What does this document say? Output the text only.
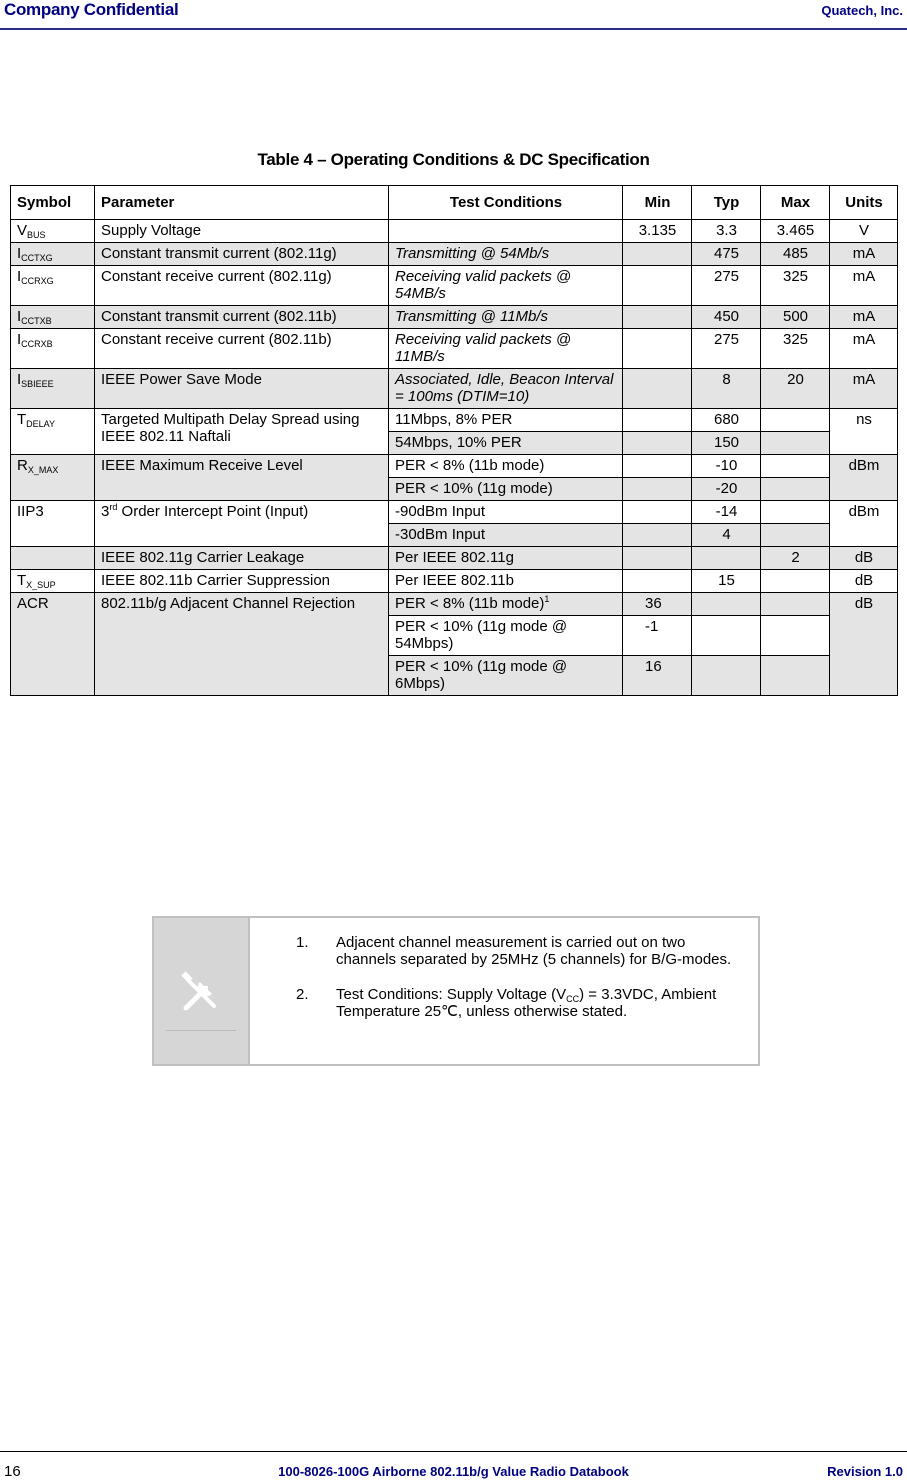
Company Confidential	Quatech, Inc.
Table 4 – Operating Conditions & DC Specification
Symbol	Parameter	Test Conditions	Min	Typ	Max	Units
$V_{BUS}$	Supply Voltage		3.135	3.3	3.465	V
$I_{CCTXG}$	Constant transmit current (802.11g)	Transmitting @ 54Mb/s		475	485	mA
$I_{CCRXG}$	Constant receive current (802.11g)	Receiving valid packets @ 54MB/s		275	325	mA
$I_{CCTXB}$	Constant transmit current (802.11b)	Transmitting @ 11Mb/s		450	500	mA
$I_{CCRXB}$	Constant receive current (802.11b)	Receiving valid packets @ 11MB/s		275	325	mA
$I_{SBIEEE}$	IEEE Power Save Mode	Associated, Idle, Beacon Interval = 100ms (DTIM=10)		8	20	mA
$T_{DELAY}$	Targeted Multipath Delay Spread using IEEE 802.11 Naftali	11Mbps, 8% PER		680		ns
		54Mbps, 10% PER		150		
$R_{X\_MAX}$	IEEE Maximum Receive Level	PER < 8% (11b mode)		-10		dBm
		PER < 10% (11g mode)		-20		
IIP3	3rd Order Intercept Point (Input)	-90dBm Input		-14		dBm
		-30dBm Input		4		
	IEEE 802.11g Carrier Leakage	Per IEEE 802.11g			2	dB
$T_{X\_SUP}$	IEEE 802.11b Carrier Suppression	Per IEEE 802.11b		15		dB
ACR	802.11b/g Adjacent Channel Rejection	PER < 8% (11b mode)$^1$	36			dB
		PER < 10% (11g mode @ 54Mbps)	-1			
		PER < 10% (11g mode @ 6Mbps)	16			
1. Adjacent channel measurement is carried out on two channels separated by 25MHz (5 channels) for B/G-modes.
2. Test Conditions: Supply Voltage $(V_{CC}) = 3.3VDC$, Ambient Temperature 25℃, unless otherwise stated.
16	100-8026-100G Airborne 802.11b/g Value Radio Databook	Revision 1.0
